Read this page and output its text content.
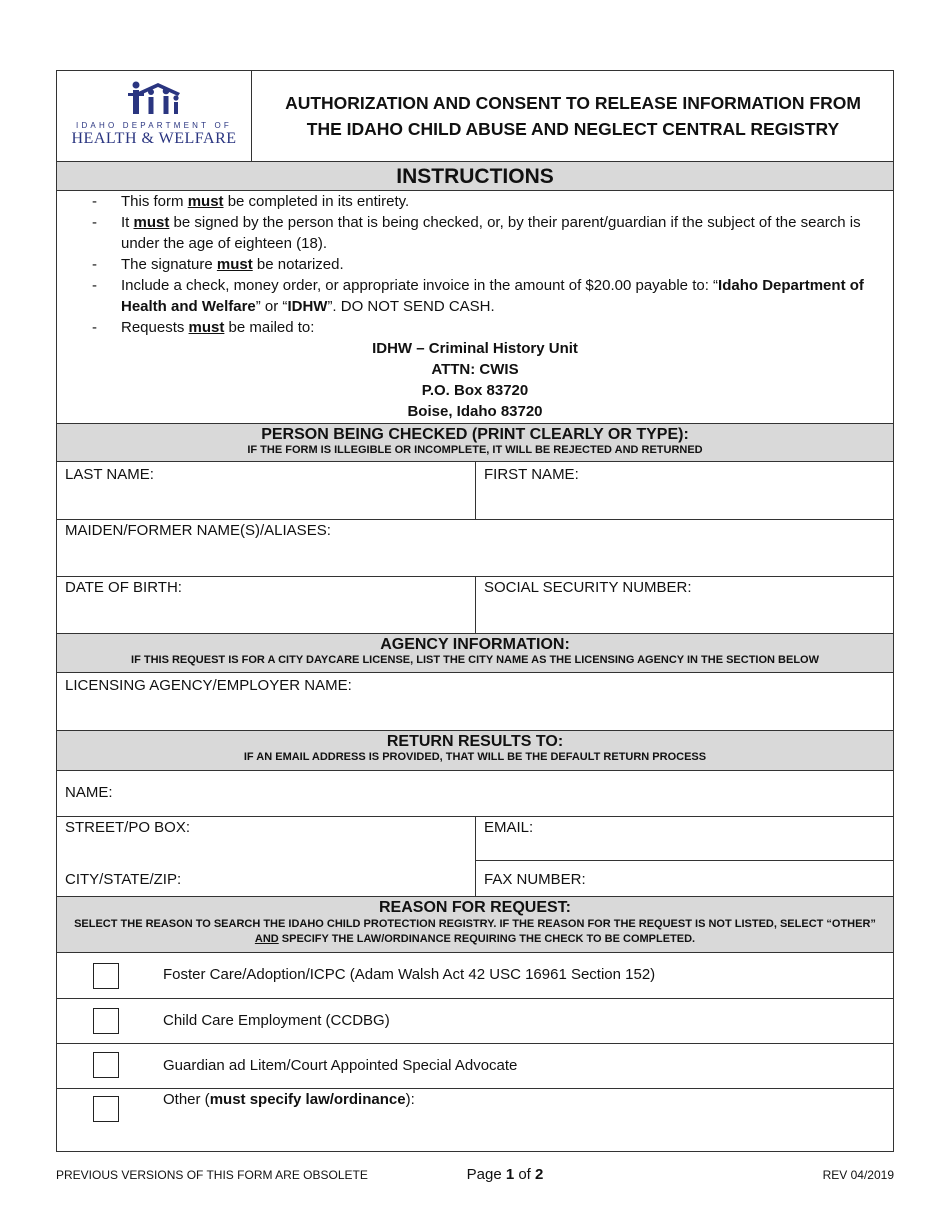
IDAHO DEPARTMENT OF
HEALTH & WELFARE
AUTHORIZATION AND CONSENT TO RELEASE INFORMATION FROM
THE IDAHO CHILD ABUSE AND NEGLECT CENTRAL REGISTRY
INSTRUCTIONS
- This form must be completed in its entirety.
- It must be signed by the person that is being checked, or, by their parent/guardian if the subject of the search is under the age of eighteen (18).
- The signature must be notarized.
- Include a check, money order, or appropriate invoice in the amount of $20.00 payable to: “Idaho Department of Health and Welfare” or “IDHW”. DO NOT SEND CASH.
- Requests must be mailed to:
IDHW – Criminal History Unit
ATTN: CWIS
P.O. Box 83720
Boise, Idaho 83720
PERSON BEING CHECKED (PRINT CLEARLY OR TYPE):
IF THE FORM IS ILLEGIBLE OR INCOMPLETE, IT WILL BE REJECTED AND RETURNED
LAST NAME:	FIRST NAME:
MAIDEN/FORMER NAME(S)/ALIASES:
DATE OF BIRTH:	SOCIAL SECURITY NUMBER:
AGENCY INFORMATION:
IF THIS REQUEST IS FOR A CITY DAYCARE LICENSE, LIST THE CITY NAME AS THE LICENSING AGENCY IN THE SECTION BELOW
LICENSING AGENCY/EMPLOYER NAME:
RETURN RESULTS TO:
IF AN EMAIL ADDRESS IS PROVIDED, THAT WILL BE THE DEFAULT RETURN PROCESS
NAME:
STREET/PO BOX:	EMAIL:
CITY/STATE/ZIP:	FAX NUMBER:
REASON FOR REQUEST:
SELECT THE REASON TO SEARCH THE IDAHO CHILD PROTECTION REGISTRY. IF THE REASON FOR THE REQUEST IS NOT LISTED, SELECT “OTHER”
AND SPECIFY THE LAW/ORDINANCE REQUIRING THE CHECK TO BE COMPLETED.
Foster Care/Adoption/ICPC (Adam Walsh Act 42 USC 16961 Section 152)
Child Care Employment (CCDBG)
Guardian ad Litem/Court Appointed Special Advocate
Other (must specify law/ordinance):
PREVIOUS VERSIONS OF THIS FORM ARE OBSOLETE	Page 1 of 2	REV 04/2019
